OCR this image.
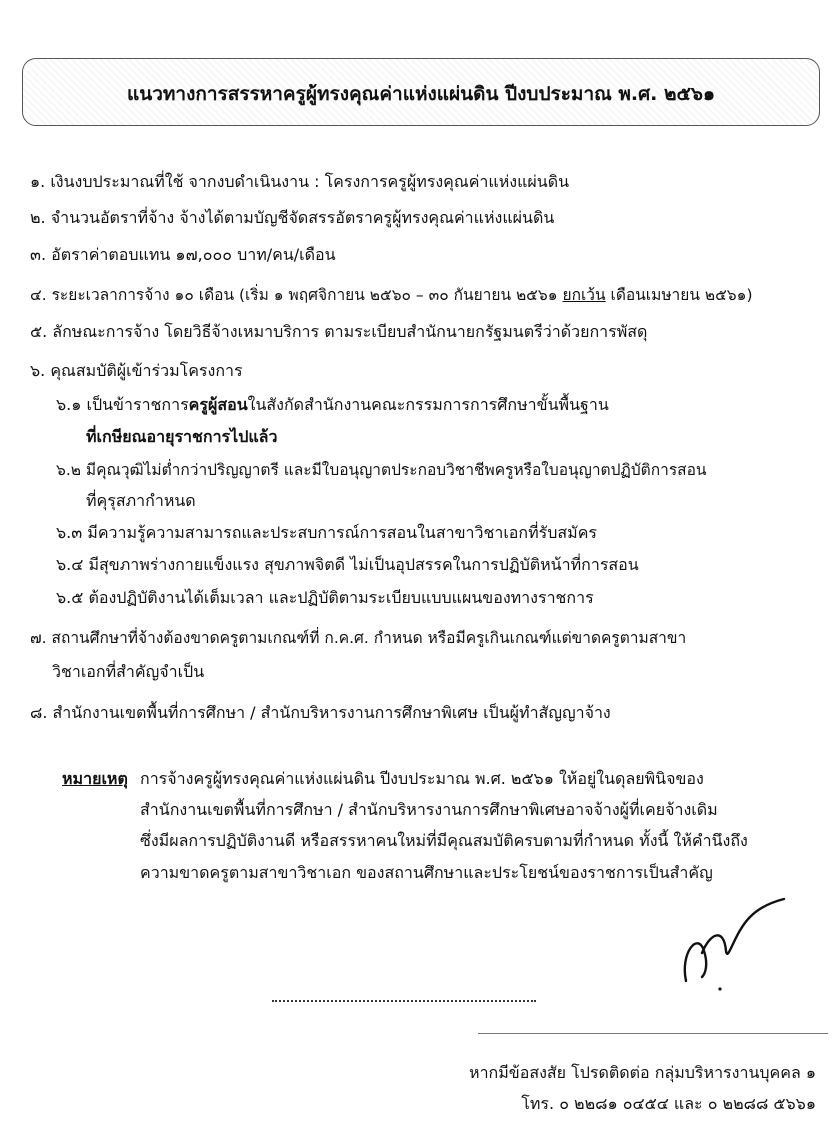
แนวทางการสรรหาครูผู้ทรงคุณค่าแห่งแผ่นดิน ปีงบประมาณ พ.ศ. ๒๕๖๑
๑. เงินงบประมาณที่ใช้ จากงบดำเนินงาน : โครงการครูผู้ทรงคุณค่าแห่งแผ่นดิน
๒. จำนวนอัตราที่จ้าง จ้างได้ตามบัญชีจัดสรรอัตราครูผู้ทรงคุณค่าแห่งแผ่นดิน
๓. อัตราค่าตอบแทน ๑๗,๐๐๐ บาท/คน/เดือน
๔. ระยะเวลาการจ้าง ๑๐ เดือน (เริ่ม ๑ พฤศจิกายน ๒๕๖๐ – ๓๐ กันยายน ๒๕๖๑ ยกเว้น เดือนเมษายน ๒๕๖๑)
๕. ลักษณะการจ้าง โดยวิธีจ้างเหมาบริการ ตามระเบียบสำนักนายกรัฐมนตรีว่าด้วยการพัสดุ
๖. คุณสมบัติผู้เข้าร่วมโครงการ
๖.๑ เป็นข้าราชการครูผู้สอนในสังกัดสำนักงานคณะกรรมการการศึกษาขั้นพื้นฐาน
ที่เกษียณอายุราชการไปแล้ว
๖.๒ มีคุณวุฒิไม่ต่ำกว่าปริญญาตรี และมีใบอนุญาตประกอบวิชาชีพครูหรือใบอนุญาตปฏิบัติการสอน
ที่คุรุสภากำหนด
๖.๓ มีความรู้ความสามารถและประสบการณ์การสอนในสาขาวิชาเอกที่รับสมัคร
๖.๔ มีสุขภาพร่างกายแข็งแรง สุขภาพจิตดี ไม่เป็นอุปสรรคในการปฏิบัติหน้าที่การสอน
๖.๕ ต้องปฏิบัติงานได้เต็มเวลา และปฏิบัติตามระเบียบแบบแผนของทางราชการ
๗. สถานศึกษาที่จ้างต้องขาดครูตามเกณฑ์ที่ ก.ค.ศ. กำหนด หรือมีครูเกินเกณฑ์แต่ขาดครูตามสาขา
วิชาเอกที่สำคัญจำเป็น
๘. สำนักงานเขตพื้นที่การศึกษา / สำนักบริหารงานการศึกษาพิเศษ เป็นผู้ทำสัญญาจ้าง
หมายเหตุ การจ้างครูผู้ทรงคุณค่าแห่งแผ่นดิน ปีงบประมาณ พ.ศ. ๒๕๖๑ ให้อยู่ในดุลยพินิจของ
สำนักงานเขตพื้นที่การศึกษา / สำนักบริหารงานการศึกษาพิเศษอาจจ้างผู้ที่เคยจ้างเดิม
ซึ่งมีผลการปฏิบัติงานดี หรือสรรหาคนใหม่ที่มีคุณสมบัติครบตามที่กำหนด ทั้งนี้ ให้คำนึงถึง
ความขาดครูตามสาขาวิชาเอก ของสถานศึกษาและประโยชน์ของราชการเป็นสำคัญ
หากมีข้อสงสัย โปรดติดต่อ กลุ่มบริหารงานบุคคล ๑
โทร. ๐ ๒๒๘๑ ๐๔๕๔ และ ๐ ๒๒๘๘ ๕๖๖๑
